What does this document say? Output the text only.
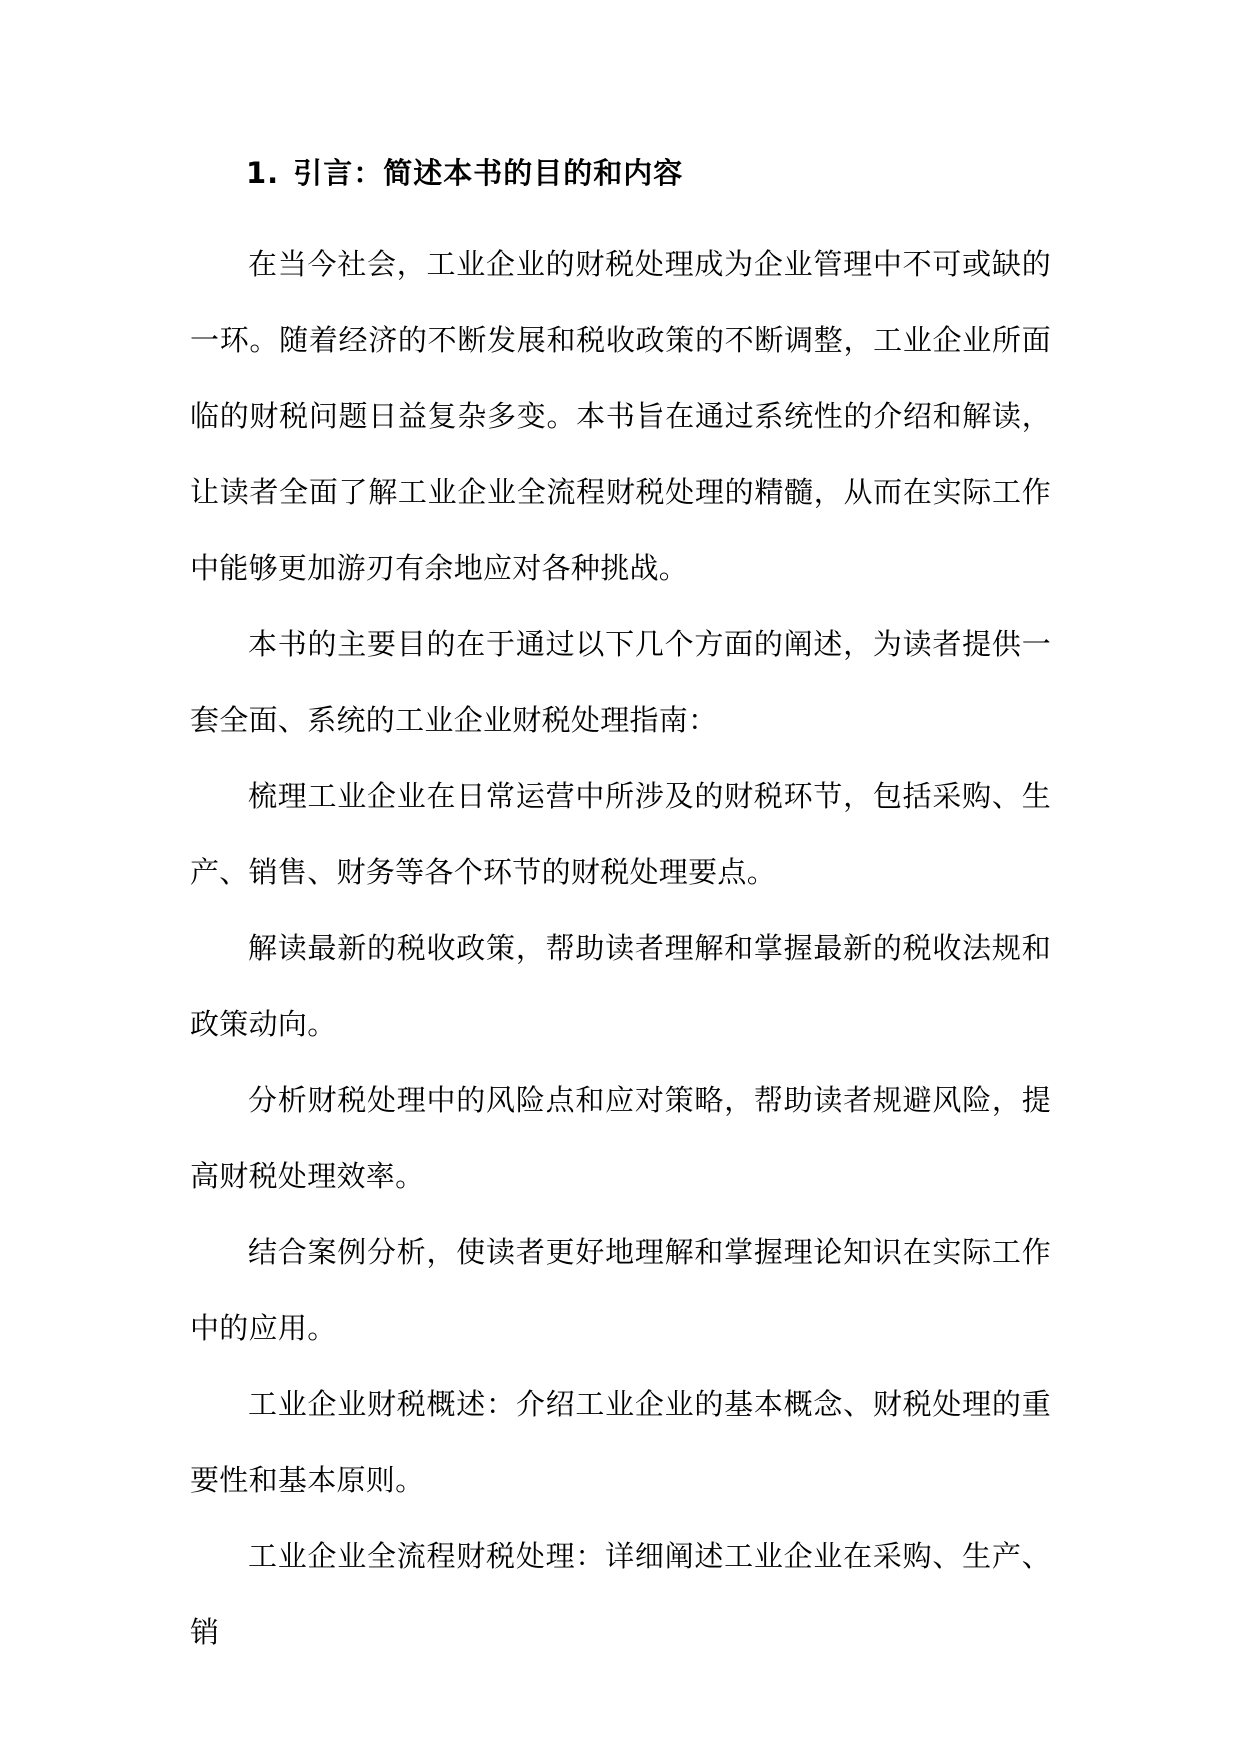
1. 引言：简述本书的目的和内容

在当今社会，工业企业的财税处理成为企业管理中不可或缺的一环。随着经济的不断发展和税收政策的不断调整，工业企业所面临的财税问题日益复杂多变。本书旨在通过系统性的介绍和解读，让读者全面了解工业企业全流程财税处理的精髓，从而在实际工作中能够更加游刃有余地应对各种挑战。

本书的主要目的在于通过以下几个方面的阐述，为读者提供一套全面、系统的工业企业财税处理指南：

梳理工业企业在日常运营中所涉及的财税环节，包括采购、生产、销售、财务等各个环节的财税处理要点。

解读最新的税收政策，帮助读者理解和掌握最新的税收法规和政策动向。

分析财税处理中的风险点和应对策略，帮助读者规避风险，提高财税处理效率。

结合案例分析，使读者更好地理解和掌握理论知识在实际工作中的应用。

工业企业财税概述：介绍工业企业的基本概念、财税处理的重要性和基本原则。

工业企业全流程财税处理：详细阐述工业企业在采购、生产、销
